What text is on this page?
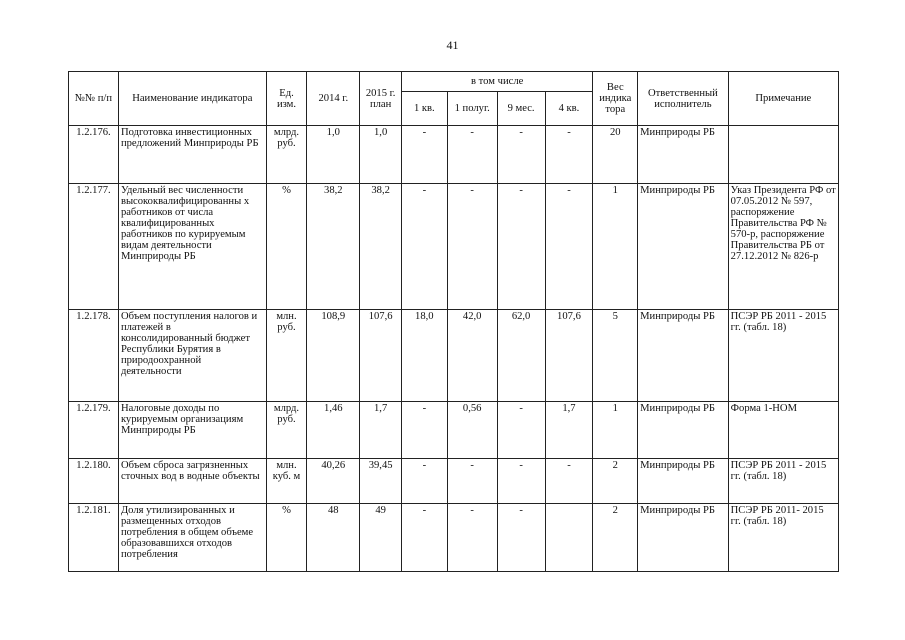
41
№№ п/п	Наименование индикатора	Ед. изм.	2014 г.	2015 г. план	в том числе				Вес индика тора	Ответственный исполнитель	Примечание
					1 кв.	1 полуг.	9 мес.	4 кв.			
1.2.176.	Подготовка инвестиционных предложений Минприроды РБ	млрд. руб.	1,0	1,0	-	-	-	-	20	Минприроды РБ	
1.2.177.	Удельный вес численности высококвалифицированны х работников от числа квалифицированных работников по курируемым видам деятельности Минприроды РБ	%	38,2	38,2	-	-	-	-	1	Минприроды РБ	Указ Президента РФ от 07.05.2012 № 597, распоряжение Правительства РФ № 570-р, распоряжение Правительства РБ от 27.12.2012 № 826-р
1.2.178.	Объем поступления налогов и платежей в консолидированный бюджет Республики Бурятия в природоохранной деятельности	млн. руб.	108,9	107,6	18,0	42,0	62,0	107,6	5	Минприроды РБ	ПСЭР РБ 2011 - 2015 гг. (табл. 18)
1.2.179.	Налоговые доходы по курируемым организациям Минприроды РБ	млрд. руб.	1,46	1,7	-	0,56	-	1,7	1	Минприроды РБ	Форма 1-НОМ
1.2.180.	Объем сброса загрязненных сточных вод в водные объекты	млн. куб. м	40,26	39,45	-	-	-	-	2	Минприроды РБ	ПСЭР РБ 2011 - 2015 гг. (табл. 18)
1.2.181.	Доля утилизированных и размещенных отходов потребления в общем объеме образовавшихся отходов потребления	%	48	49	-	-	-		2	Минприроды РБ	ПСЭР РБ 2011- 2015 гг. (табл. 18)
